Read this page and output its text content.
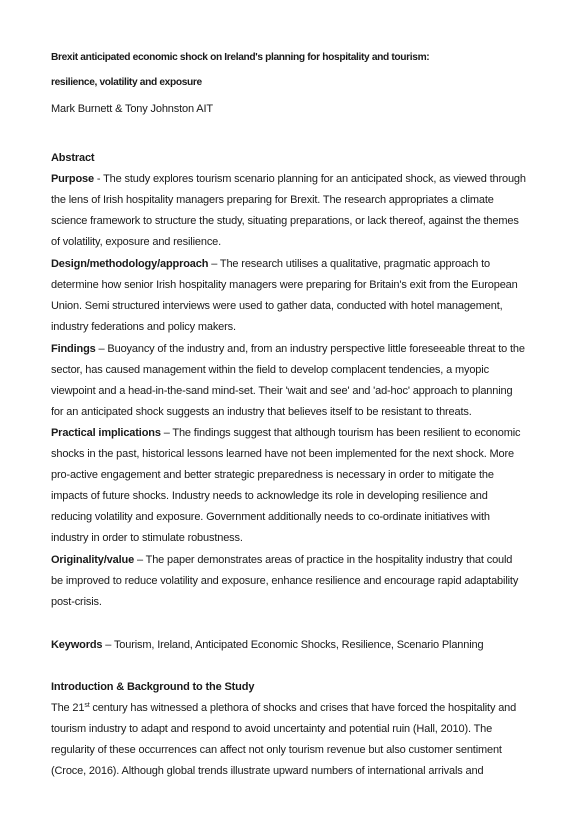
Brexit anticipated economic shock on Ireland's planning for hospitality and tourism:
resilience, volatility and exposure
Mark Burnett & Tony Johnston AIT
Abstract
Purpose - The study explores tourism scenario planning for an anticipated shock, as viewed through
the lens of Irish hospitality managers preparing for Brexit. The research appropriates a climate
science framework to structure the study, situating preparations, or lack thereof, against the themes
of volatility, exposure and resilience.
Design/methodology/approach – The research utilises a qualitative, pragmatic approach to
determine how senior Irish hospitality managers were preparing for Britain's exit from the European
Union. Semi structured interviews were used to gather data, conducted with hotel management,
industry federations and policy makers.
Findings – Buoyancy of the industry and, from an industry perspective little foreseeable threat to the
sector, has caused management within the field to develop complacent tendencies, a myopic
viewpoint and a head-in-the-sand mind-set. Their 'wait and see' and 'ad-hoc' approach to planning
for an anticipated shock suggests an industry that believes itself to be resistant to threats.
Practical implications – The findings suggest that although tourism has been resilient to economic
shocks in the past, historical lessons learned have not been implemented for the next shock. More
pro-active engagement and better strategic preparedness is necessary in order to mitigate the
impacts of future shocks. Industry needs to acknowledge its role in developing resilience and
reducing volatility and exposure. Government additionally needs to co-ordinate initiatives with
industry in order to stimulate robustness.
Originality/value – The paper demonstrates areas of practice in the hospitality industry that could
be improved to reduce volatility and exposure, enhance resilience and encourage rapid adaptability
post-crisis.
Keywords – Tourism, Ireland, Anticipated Economic Shocks, Resilience, Scenario Planning
Introduction & Background to the Study
The 21st century has witnessed a plethora of shocks and crises that have forced the hospitality and
tourism industry to adapt and respond to avoid uncertainty and potential ruin (Hall, 2010). The
regularity of these occurrences can affect not only tourism revenue but also customer sentiment
(Croce, 2016). Although global trends illustrate upward numbers of international arrivals and
